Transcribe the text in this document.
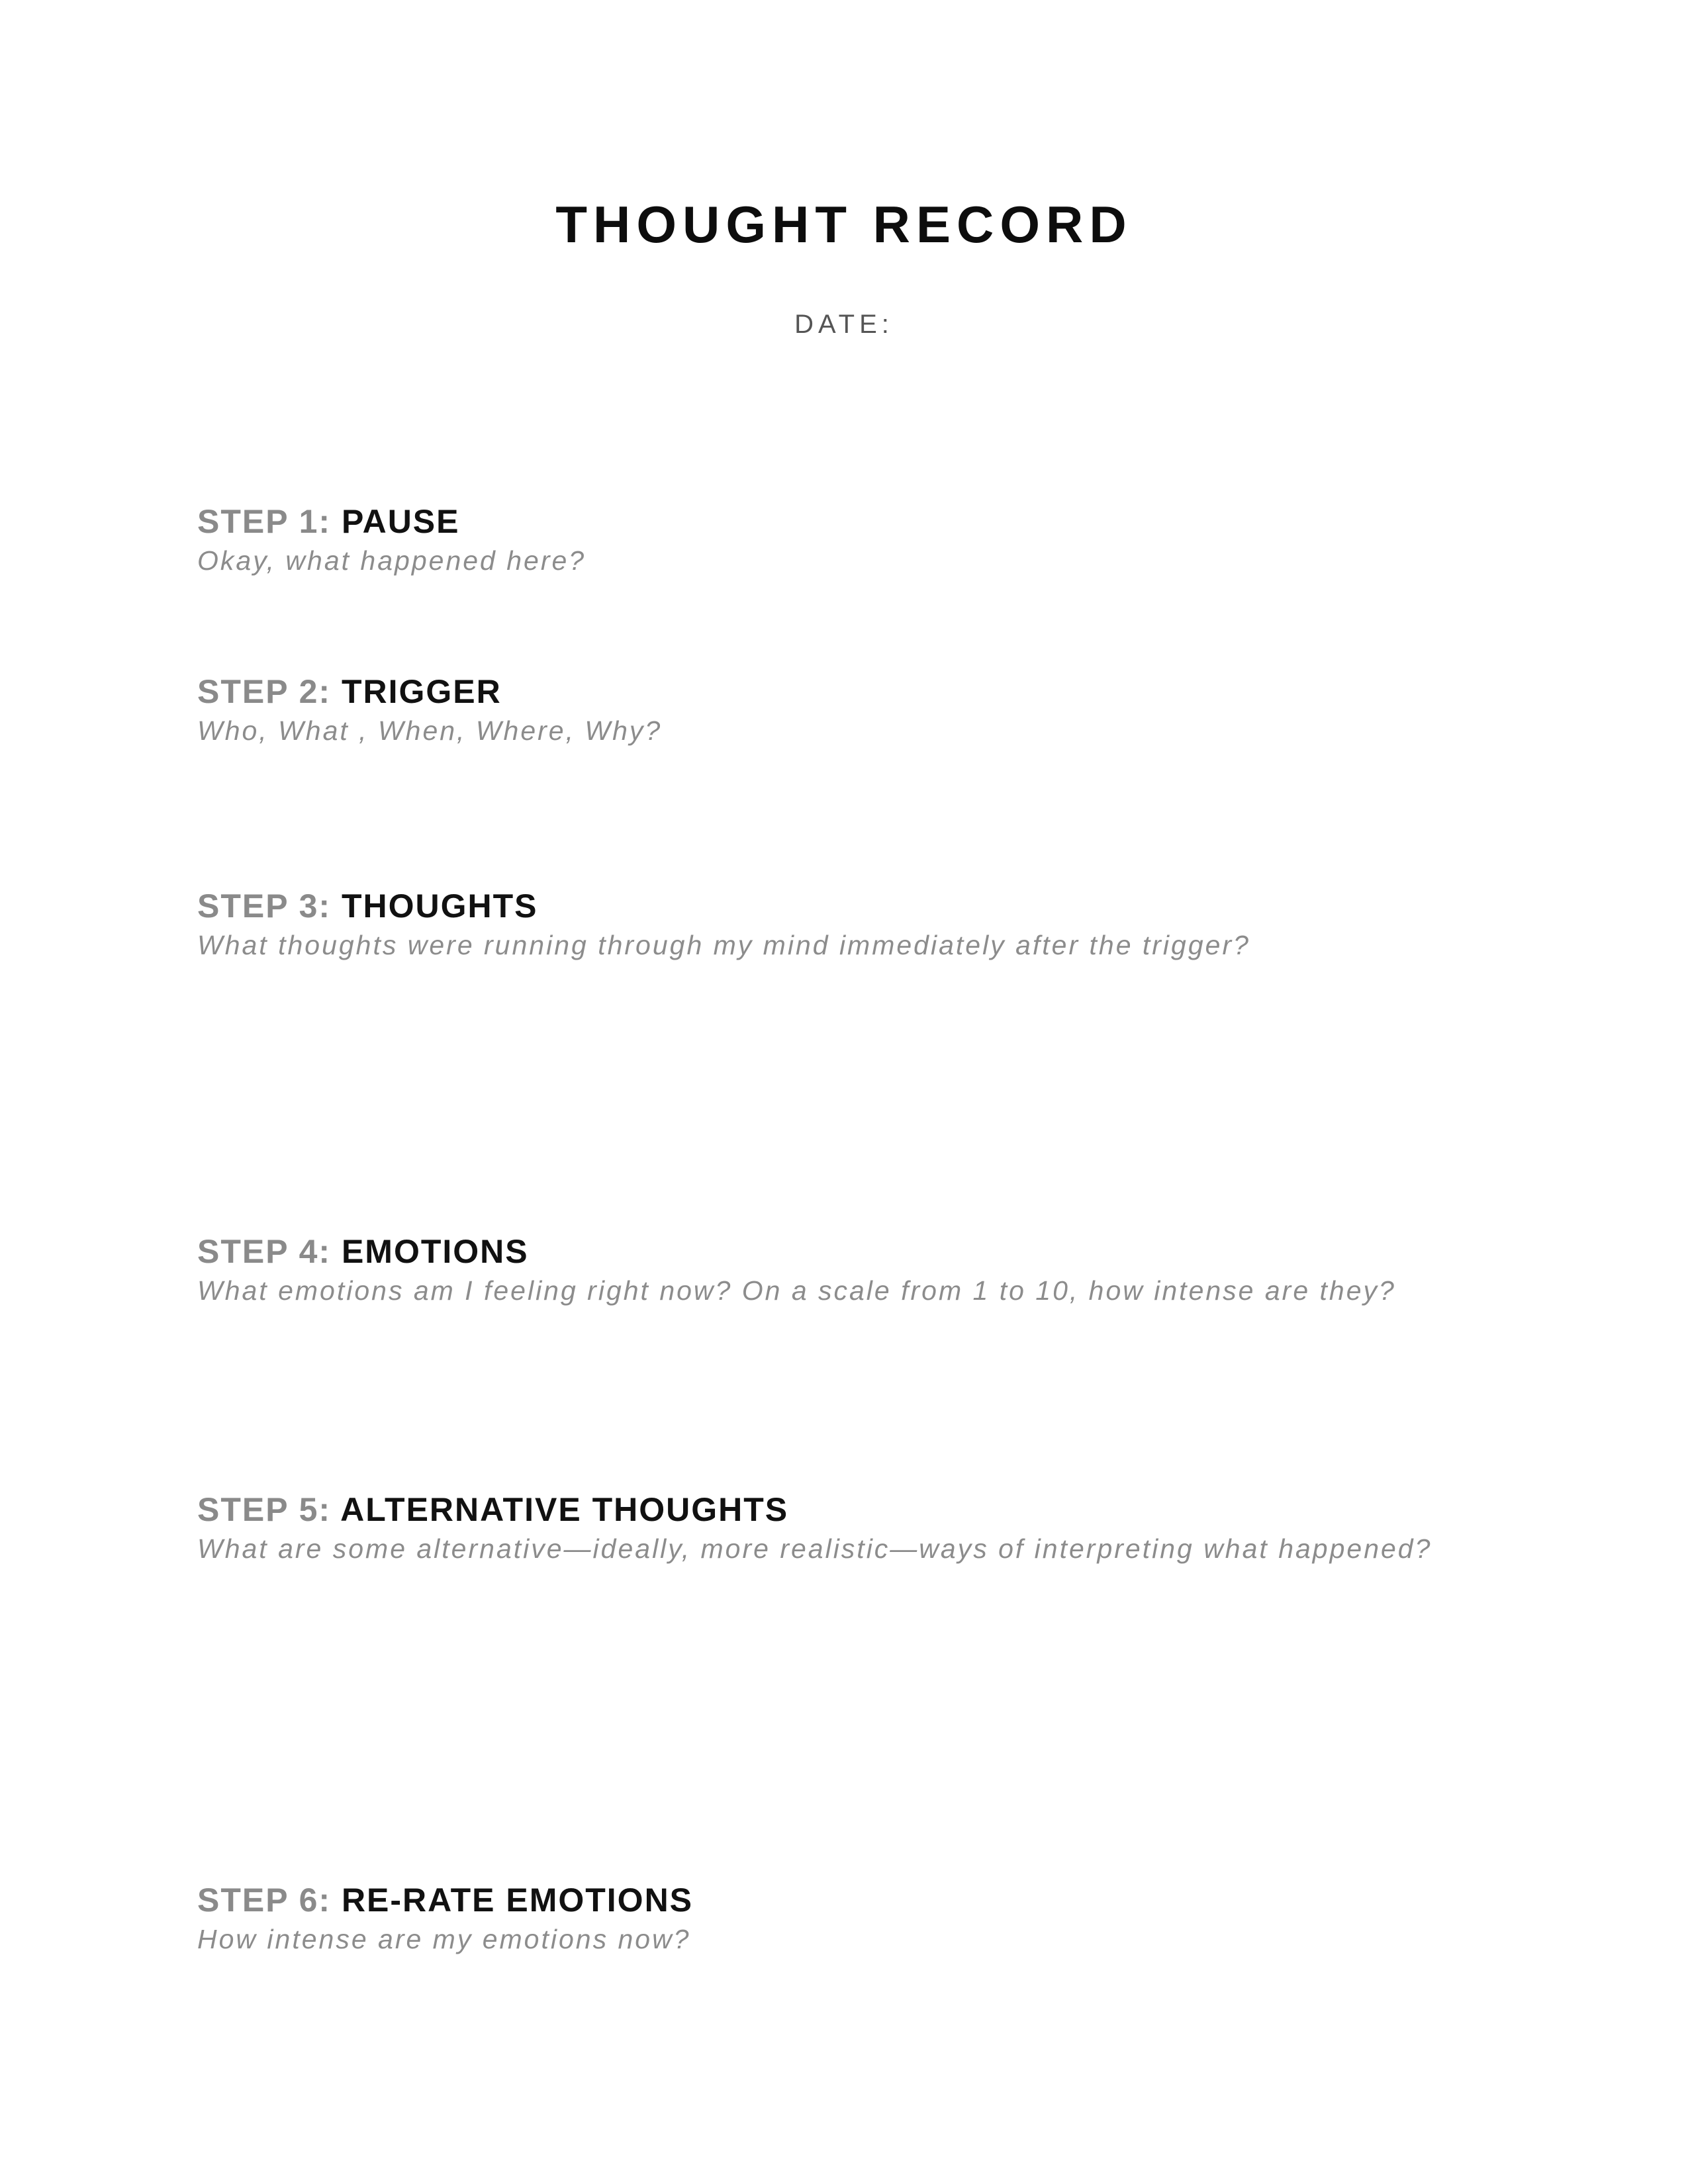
THOUGHT RECORD
DATE:
STEP 1: PAUSE
Okay, what happened here?
STEP 2: TRIGGER
Who, What , When, Where, Why?
STEP 3: THOUGHTS
What thoughts were running through my mind immediately after the trigger?
STEP 4: EMOTIONS
What emotions am I feeling right now? On a scale from 1 to 10, how intense are they?
STEP 5: ALTERNATIVE THOUGHTS
What are some alternative—ideally, more realistic—ways of interpreting what happened?
STEP 6: RE-RATE EMOTIONS
How intense are my emotions now?
